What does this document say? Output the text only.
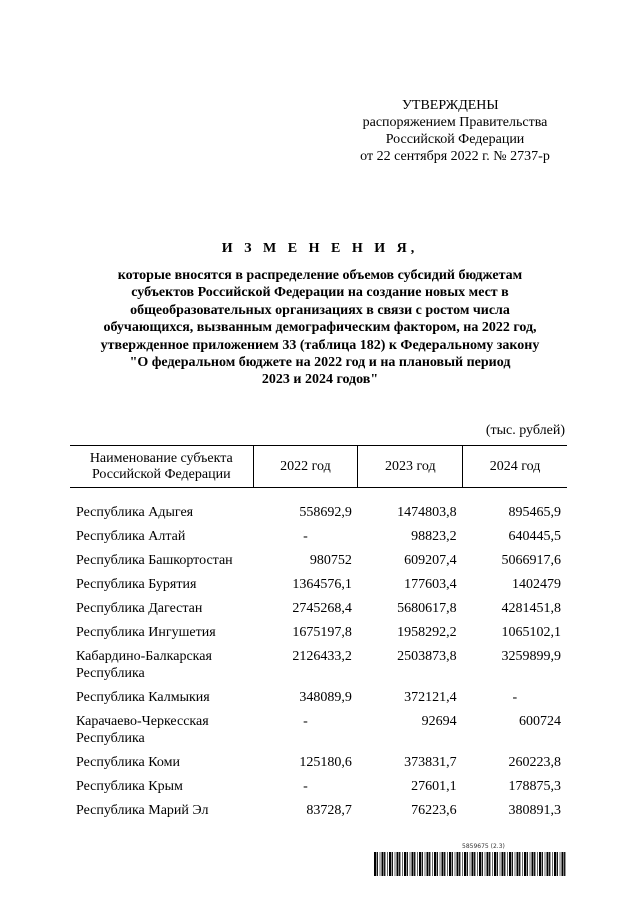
УТВЕРЖДЕНЫ
распоряжением Правительства
Российской Федерации
от 22 сентября 2022 г. № 2737-р
И З М Е Н Е Н И Я,
которые вносятся в распределение объемов субсидий бюджетам
субъектов Российской Федерации на создание новых мест в
общеобразовательных организациях в связи с ростом числа
обучающихся, вызванным демографическим фактором, на 2022 год,
утвержденное приложением 33 (таблица 182) к Федеральному закону
"О федеральном бюджете на 2022 год и на плановый период
2023 и 2024 годов"
(тыс. рублей)
Наименование субъекта
Российской Федерации	2022 год	2023 год	2024 год

Республика Адыгея	558692,9	1474803,8	895465,9
Республика Алтай	-	98823,2	640445,5
Республика Башкортостан	980752	609207,4	5066917,6
Республика Бурятия	1364576,1	177603,4	1402479
Республика Дагестан	2745268,4	5680617,8	4281451,8
Республика Ингушетия	1675197,8	1958292,2	1065102,1
Кабардино-Балкарская
Республика	2126433,2	2503873,8	3259899,9
Республика Калмыкия	348089,9	372121,4	-
Карачаево-Черкесская
Республика	-	92694	600724
Республика Коми	125180,6	373831,7	260223,8
Республика Крым	-	27601,1	178875,3
Республика Марий Эл	83728,7	76223,6	380891,3
5859675 (2.3)
